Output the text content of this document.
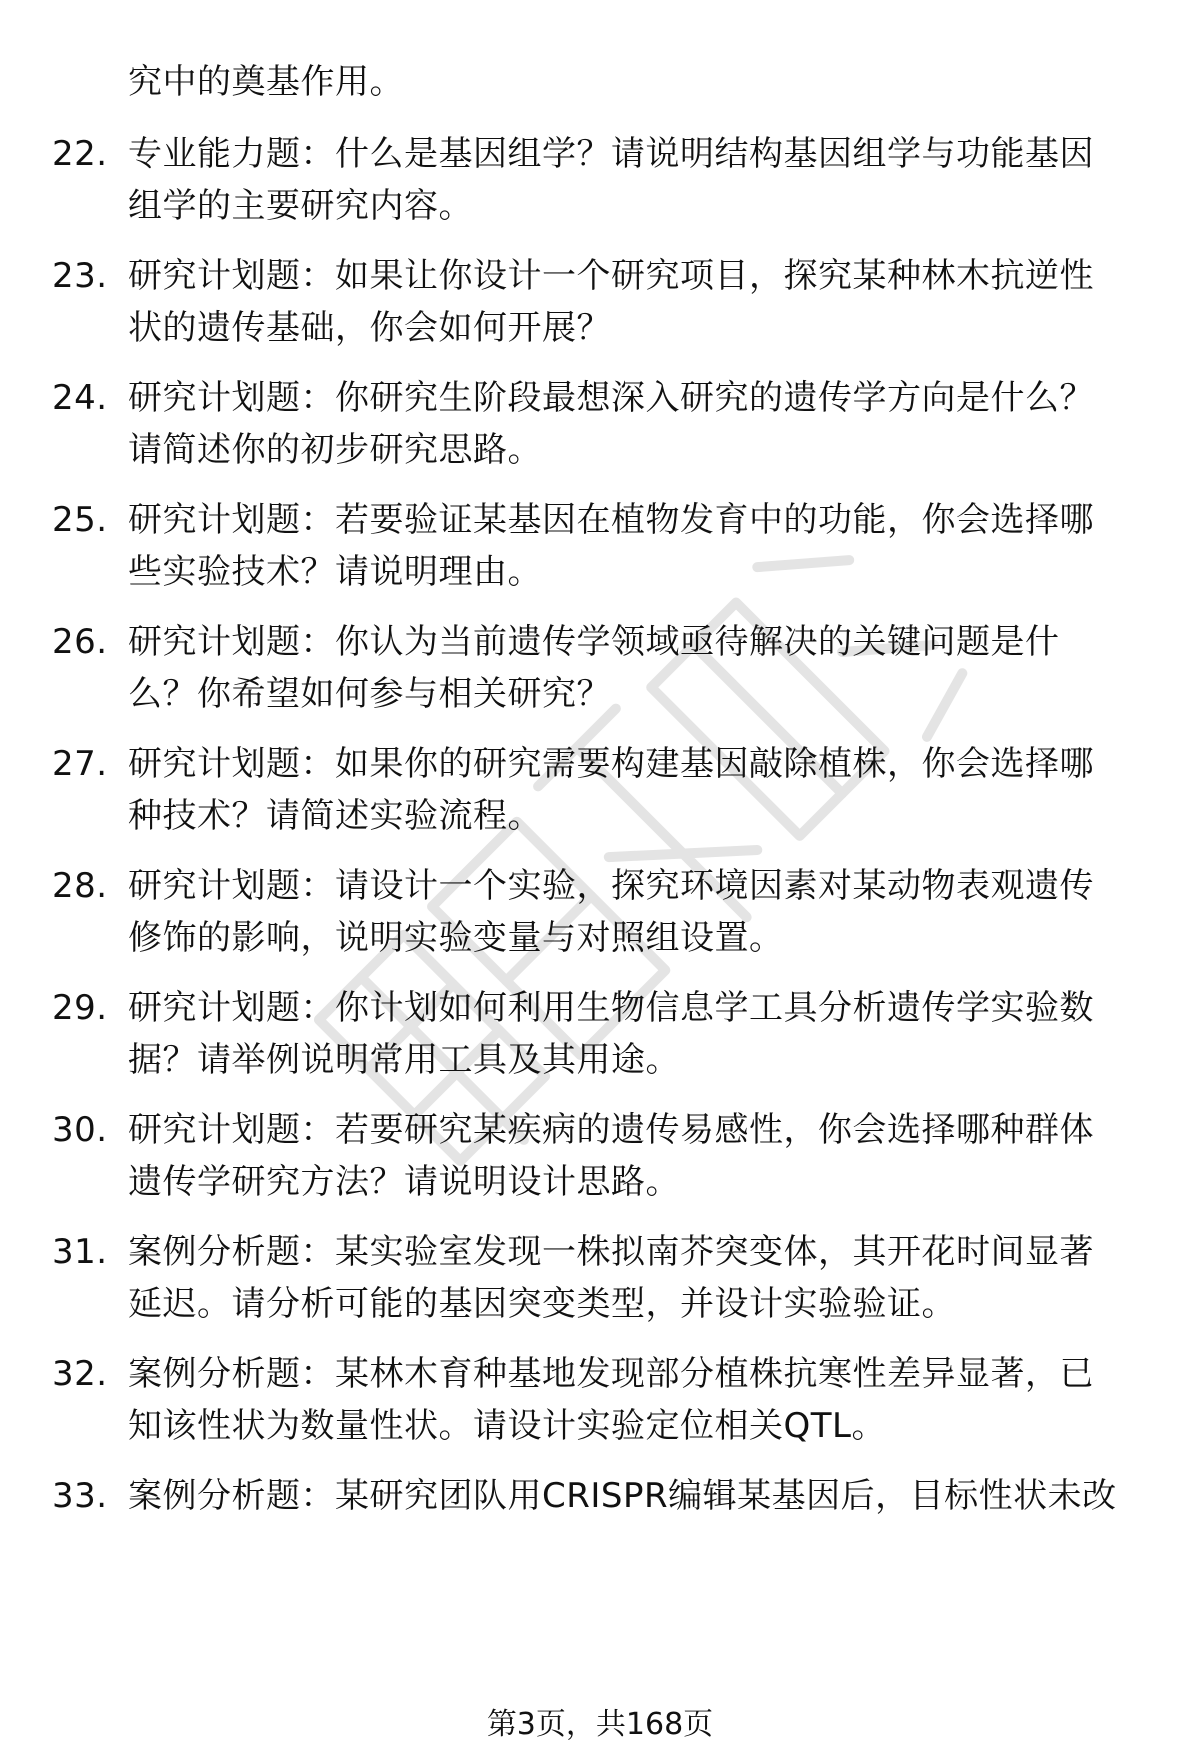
究中的奠基作用。
22. 专业能力题：什么是基因组学？请说明结构基因组学与功能基因
组学的主要研究内容。
23. 研究计划题：如果让你设计一个研究项目，探究某种林木抗逆性
状的遗传基础，你会如何开展？
24. 研究计划题：你研究生阶段最想深入研究的遗传学方向是什么？
请简述你的初步研究思路。
25. 研究计划题：若要验证某基因在植物发育中的功能，你会选择哪
些实验技术？请说明理由。
26. 研究计划题：你认为当前遗传学领域亟待解决的关键问题是什
么？你希望如何参与相关研究？
27. 研究计划题：如果你的研究需要构建基因敲除植株，你会选择哪
种技术？请简述实验流程。
28. 研究计划题：请设计一个实验，探究环境因素对某动物表观遗传
修饰的影响，说明实验变量与对照组设置。
29. 研究计划题：你计划如何利用生物信息学工具分析遗传学实验数
据？请举例说明常用工具及其用途。
30. 研究计划题：若要研究某疾病的遗传易感性，你会选择哪种群体
遗传学研究方法？请说明设计思路。
31. 案例分析题：某实验室发现一株拟南芥突变体，其开花时间显著
延迟。请分析可能的基因突变类型，并设计实验验证。
32. 案例分析题：某林木育种基地发现部分植株抗寒性差异显著，已
知该性状为数量性状。请设计实验定位相关QTL。
33. 案例分析题：某研究团队用CRISPR编辑某基因后，目标性状未改
第3页，共168页
